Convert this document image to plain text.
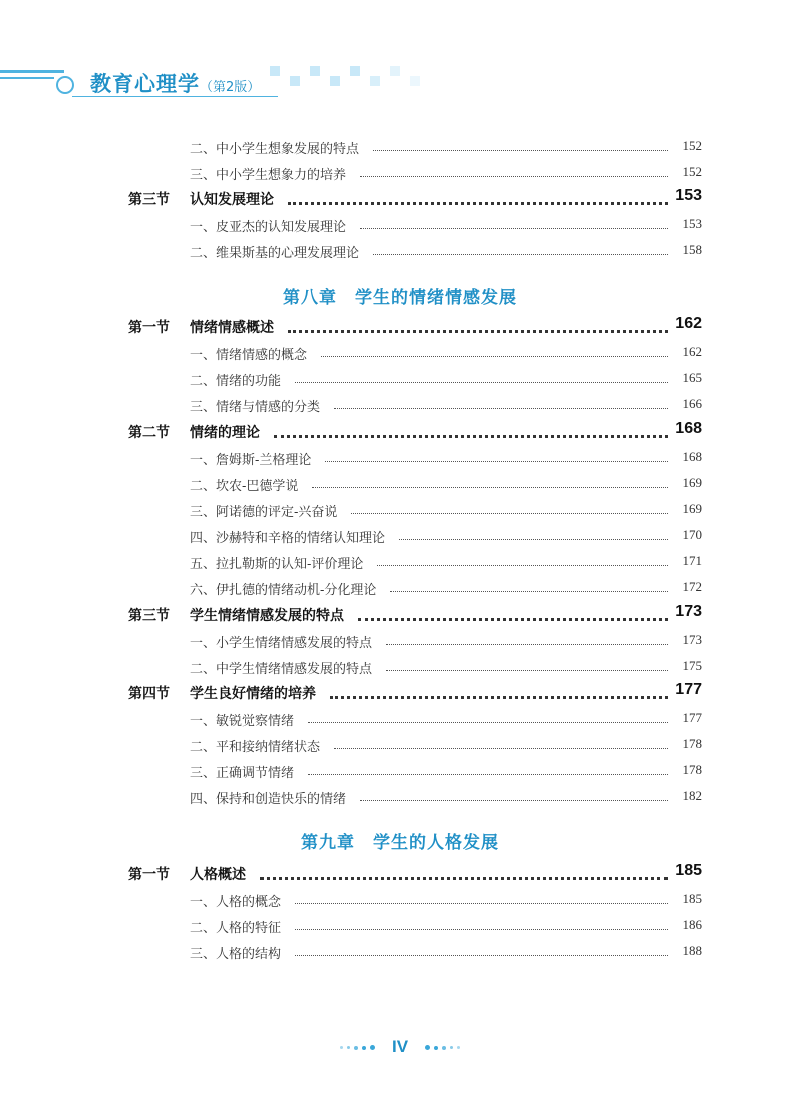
教育心理学（第2版）
二、中小学生想象发展的特点	152
三、中小学生想象力的培养	152
第三节 认知发展理论	153
一、皮亚杰的认知发展理论	153
二、维果斯基的心理发展理论	158
第八章　学生的情绪情感发展
第一节 情绪情感概述	162
一、情绪情感的概念	162
二、情绪的功能	165
三、情绪与情感的分类	166
第二节 情绪的理论	168
一、詹姆斯-兰格理论	168
二、坎农-巴德学说	169
三、阿诺德的评定-兴奋说	169
四、沙赫特和辛格的情绪认知理论	170
五、拉扎勒斯的认知-评价理论	171
六、伊扎德的情绪动机-分化理论	172
第三节 学生情绪情感发展的特点	173
一、小学生情绪情感发展的特点	173
二、中学生情绪情感发展的特点	175
第四节 学生良好情绪的培养	177
一、敏锐觉察情绪	177
二、平和接纳情绪状态	178
三、正确调节情绪	178
四、保持和创造快乐的情绪	182
第九章　学生的人格发展
第一节 人格概述	185
一、人格的概念	185
二、人格的特征	186
三、人格的结构	188
IV
